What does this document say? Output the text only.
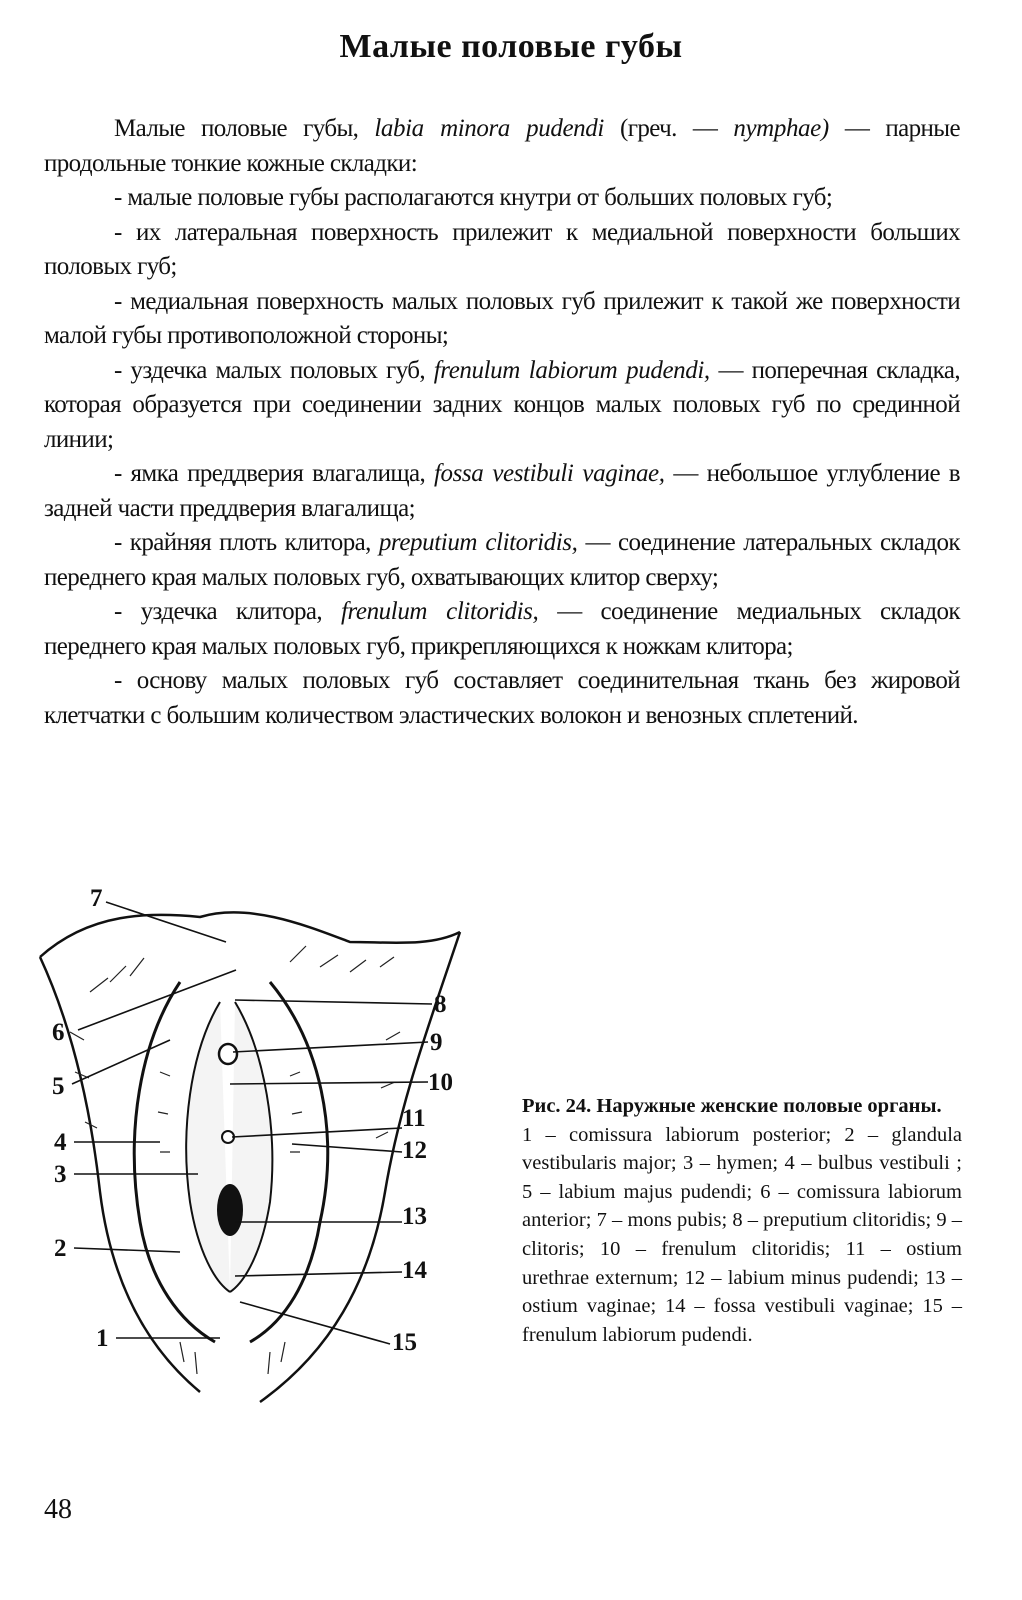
Малые половые губы

Малые половые губы, labia minora pudendi (греч. — nymphae) — парные продольные тонкие кожные складки:

- малые половые губы располагаются кнутри от больших половых губ;

- их латеральная поверхность прилежит к медиальной поверхности больших половых губ;

- медиальная поверхность малых половых губ прилежит к такой же поверхности малой губы противоположной стороны;

- уздечка малых половых губ, frenulum labiorum pudendi, — поперечная складка, которая образуется при соединении задних концов малых половых губ по срединной линии;

- ямка преддверия влагалища, fossa vestibuli vaginae, — небольшое углубление в задней части преддверия влагалища;

- крайняя плоть клитора, preputium clitoridis, — соединение латеральных складок переднего края малых половых губ, охватывающих клитор сверху;

- уздечка клитора, frenulum clitoridis, — соединение медиальных складок переднего края малых половых губ, прикрепляющихся к ножкам клитора;

- основу малых половых губ составляет соединительная ткань без жировой клетчатки с большим количеством эластических волокон и венозных сплетений.

7
6
5
4
3
2
1
8
9
10
11
12
13
14
15
Рис. 24. Наружные женские половые органы.
1 – comissura labiorum posterior; 2 – glandula vestibularis major; 3 – hymen; 4 – bulbus vestibuli ; 5 – labium majus pudendi; 6 – comissura labiorum anterior; 7 – mons pubis; 8 – preputium clitoridis; 9 – clitoris; 10 – frenulum clitoridis; 11 – ostium urethrae externum; 12 – labium minus pudendi; 13 – ostium vaginae; 14 – fossa vestibuli vaginae; 15 – frenulum labiorum pudendi.
48
